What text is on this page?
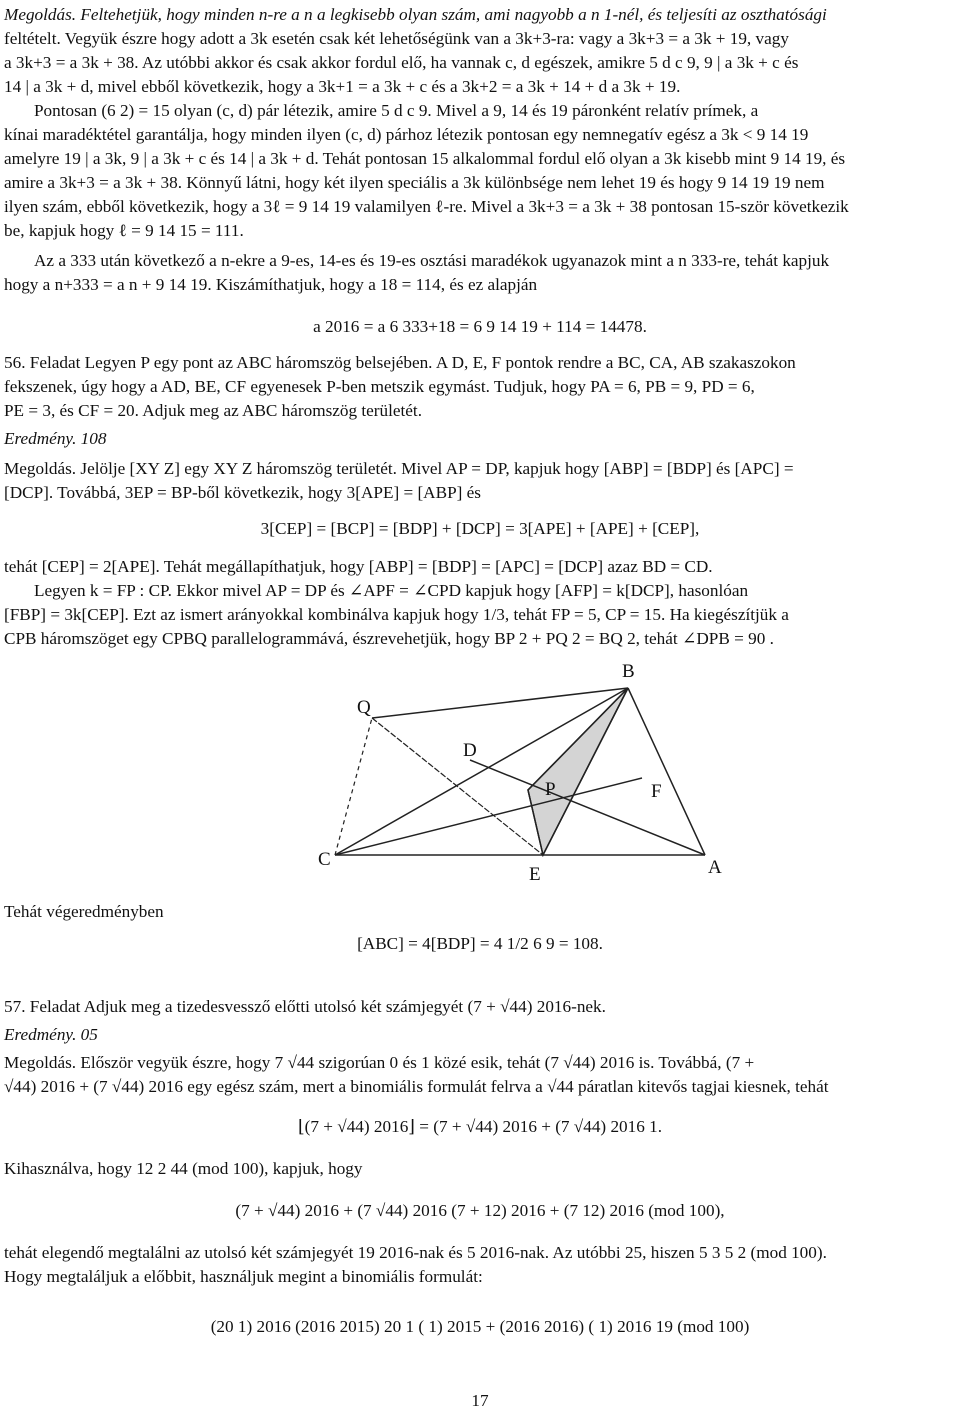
Megoldás. Feltehetjük, hogy minden n-re a n a legkisebb olyan szám, ami nagyobb a n 1-nél, és teljesíti az oszthatósági
feltételt. Vegyük észre hogy adott a 3k esetén csak két lehetőségünk van a 3k+3-ra: vagy a 3k+3 = a 3k + 19, vagy
a 3k+3 = a 3k + 38. Az utóbbi akkor és csak akkor fordul elő, ha vannak c, d egészek, amikre 5 d c 9, 9 | a 3k + c és
14 | a 3k + d, mivel ebből következik, hogy a 3k+1 = a 3k + c és a 3k+2 = a 3k + 14 + d a 3k + 19.
Pontosan (6 2) = 15 olyan (c, d) pár létezik, amire 5 d c 9. Mivel a 9, 14 és 19 páronként relatív prímek, a
kínai maradéktétel garantálja, hogy minden ilyen (c, d) párhoz létezik pontosan egy nemnegatív egész a 3k < 9 14 19
amelyre 19 | a 3k, 9 | a 3k + c és 14 | a 3k + d. Tehát pontosan 15 alkalommal fordul elő olyan a 3k kisebb mint 9 14 19, és
amire a 3k+3 = a 3k + 38. Könnyű látni, hogy két ilyen speciális a 3k különbsége nem lehet 19 és hogy 9 14 19 19 nem
ilyen szám, ebből következik, hogy a 3ℓ = 9 14 19 valamilyen ℓ-re. Mivel a 3k+3 = a 3k + 38 pontosan 15-ször következik
be, kapjuk hogy ℓ = 9 14 15 = 111.
Az a 333 után következő a n-ekre a 9-es, 14-es és 19-es osztási maradékok ugyanazok mint a n 333-re, tehát kapjuk
hogy a n+333 = a n + 9 14 19. Kiszámíthatjuk, hogy a 18 = 114, és ez alapján
a 2016 = a 6 333+18 = 6 9 14 19 + 114 = 14478.
56. Feladat Legyen P egy pont az ABC háromszög belsejében. A D, E, F pontok rendre a BC, CA, AB szakaszokon
fekszenek, úgy hogy a AD, BE, CF egyenesek P-ben metszik egymást. Tudjuk, hogy PA = 6, PB = 9, PD = 6,
PE = 3, és CF = 20. Adjuk meg az ABC háromszög területét.
Eredmény. 108
Megoldás. Jelölje [XY Z] egy XY Z háromszög területét. Mivel AP = DP, kapjuk hogy [ABP] = [BDP] és [APC] =
[DCP]. Továbbá, 3EP = BP-ből következik, hogy 3[APE] = [ABP] és
3[CEP] = [BCP] = [BDP] + [DCP] = 3[APE] + [APE] + [CEP],
tehát [CEP] = 2[APE]. Tehát megállapíthatjuk, hogy [ABP] = [BDP] = [APC] = [DCP] azaz BD = CD.
Legyen k = FP : CP. Ekkor mivel AP = DP és ∠APF = ∠CPD kapjuk hogy [AFP] = k[DCP], hasonlóan
[FBP] = 3k[CEP]. Ezt az ismert arányokkal kombinálva kapjuk hogy 1/3, tehát FP = 5, CP = 15. Ha kiegészítjük a
CPB háromszöget egy CPBQ parallelogrammává, észrevehetjük, hogy BP 2 + PQ 2 = BQ 2, tehát ∠DPB = 90 .
B
Q
D
P	F
C
E	A
Tehát végeredményben
[ABC] = 4[BDP] = 4 1/2 6 9 = 108.
57. Feladat Adjuk meg a tizedesvessző előtti utolsó két számjegyét (7 + √44) 2016-nek.
Eredmény. 05
Megoldás. Először vegyük észre, hogy 7 √44 szigorúan 0 és 1 közé esik, tehát (7 √44) 2016 is. Továbbá, (7 +
√44) 2016 + (7 √44) 2016 egy egész szám, mert a binomiális formulát felrva a √44 páratlan kitevős tagjai kiesnek, tehát
⌊(7 + √44) 2016⌋ = (7 + √44) 2016 + (7 √44) 2016 1.
Kihasználva, hogy 12 2 44 (mod 100), kapjuk, hogy
(7 + √44) 2016 + (7 √44) 2016 (7 + 12) 2016 + (7 12) 2016 (mod 100),
tehát elegendő megtalálni az utolsó két számjegyét 19 2016-nak és 5 2016-nak. Az utóbbi 25, hiszen 5 3 5 2 (mod 100).
Hogy megtaláljuk a előbbit, használjuk megint a binomiális formulát:
(20 1) 2016 (2016 2015) 20 1 ( 1) 2015 + (2016 2016) ( 1) 2016 19 (mod 100)
17
